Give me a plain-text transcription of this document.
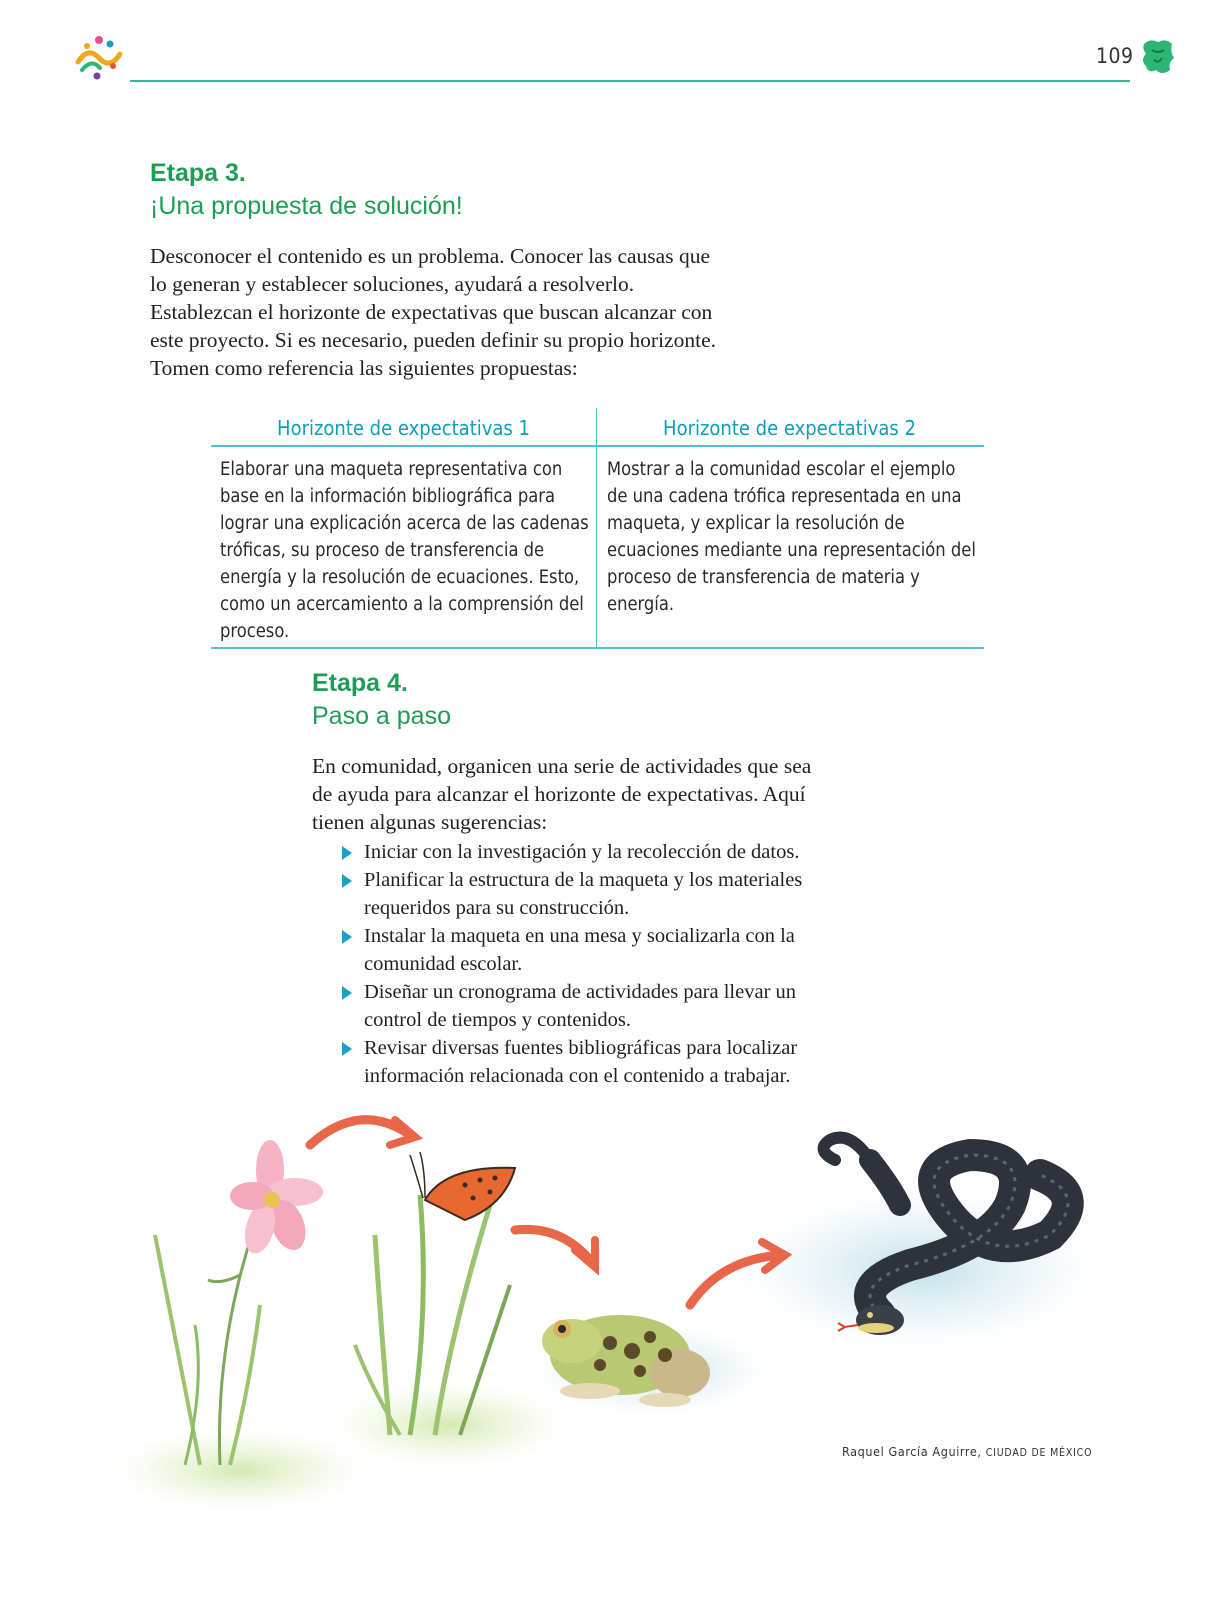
109
Etapa 3.
¡Una propuesta de solución!

Desconocer el contenido es un problema. Conocer las causas que lo generan y establecer soluciones, ayudará a resolverlo. Establezcan el horizonte de expectativas que buscan alcanzar con este proyecto. Si es necesario, pueden definir su propio horizonte. Tomen como referencia las siguientes propuestas:

Horizonte de expectativas 1	Horizonte de expectativas 2
Elaborar una maqueta representativa con base en la información bibliográfica para lograr una explicación acerca de las cadenas tróficas, su proceso de transferencia de energía y la resolución de ecuaciones. Esto, como un acercamiento a la comprensión del proceso.
Mostrar a la comunidad escolar el ejemplo de una cadena trófica representada en una maqueta, y explicar la resolución de ecuaciones mediante una representación del proceso de transferencia de materia y energía.
Etapa 4.
Paso a paso

En comunidad, organicen una serie de actividades que sea de ayuda para alcanzar el horizonte de expectativas. Aquí tienen algunas sugerencias:

Iniciar con la investigación y la recolección de datos.
Planificar la estructura de la maqueta y los materiales requeridos para su construcción.
Instalar la maqueta en una mesa y socializarla con la comunidad escolar.
Diseñar un cronograma de actividades para llevar un control de tiempos y contenidos.
Revisar diversas fuentes bibliográficas para localizar información relacionada con el contenido a trabajar.
Raquel García Aguirre, CIUDAD DE MÉXICO
